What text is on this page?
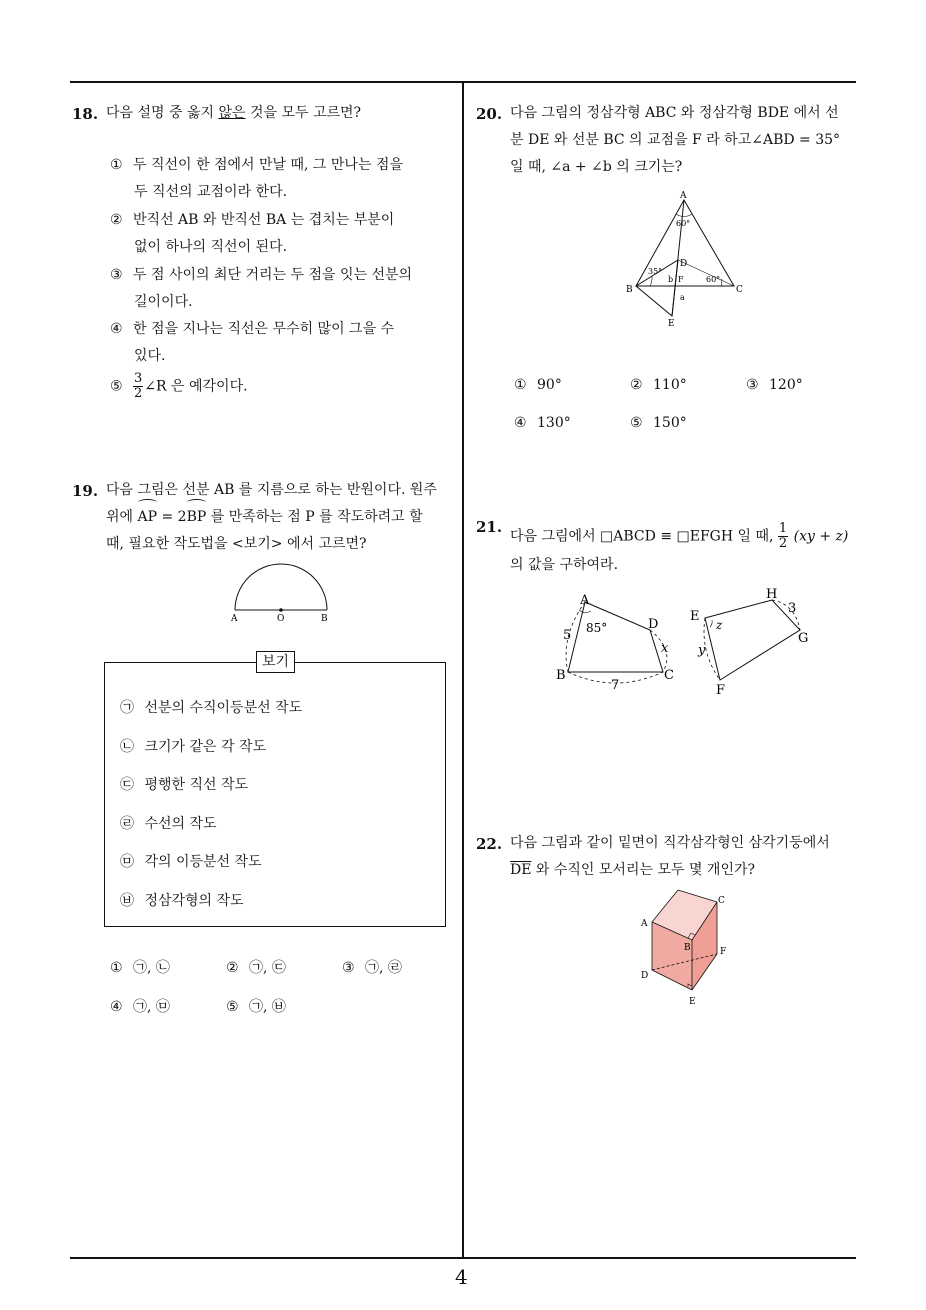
4
18. 다음 설명 중 옳지 않은 것을 모두 고르면?
① 두 직선이 한 점에서 만날 때, 그 만나는 점을
두 직선의 교점이라 한다.
② 반직선 AB 와 반직선 BA 는 겹치는 부분이
없이 하나의 직선이 된다.
③ 두 점 사이의 최단 거리는 두 점을 잇는 선분의
길이이다.
④ 한 점을 지나는 직선은 무수히 많이 그을 수
있다.
⑤ $\frac{3}{2}$ ∠R 은 예각이다.
19. 다음 그림은 선분 AB 를 지름으로 하는 반원이다. 원주
위에 AP = 2BP 를 만족하는 점 P 를 작도하려고 할
때, 필요한 작도법을 <보기> 에서 고르면?
A	O	B
보기
㉠ 선분의 수직이등분선 작도
㉡ 크기가 같은 각 작도
㉢ 평행한 직선 작도
㉣ 수선의 작도
㉤ 각의 이등분선 작도
㉥ 정삼각형의 작도
① ㉠, ㉡	② ㉠, ㉢	③ ㉠, ㉣
④ ㉠, ㉤	⑤ ㉠, ㉥
20. 다음 그림의 정삼각형 ABC 와 정삼각형 BDE 에서 선
분 DE 와 선분 BC 의 교점을 F 라 하고∠ABD = 35°
일 때, ∠a + ∠b 의 크기는?
A
60°
D
35°
b F	60°
B	C
a
E
① 90°	② 110°	③ 120°
④ 130°	⑤ 150°
21.
다음 그림에서 □ABCD ≡ □EFGH 일 때, $\frac{1}{2} (xy + z)$
의 값을 구하여라.
A
85°	D
5
x
B	C
7
E
z
y
H
3
G
F
22. 다음 그림과 같이 밑면이 직각삼각형인 삼각기둥에서
$\overline{DE}$ 와 수직인 모서리는 모두 몇 개인가?
A
C
B	F
D
E
